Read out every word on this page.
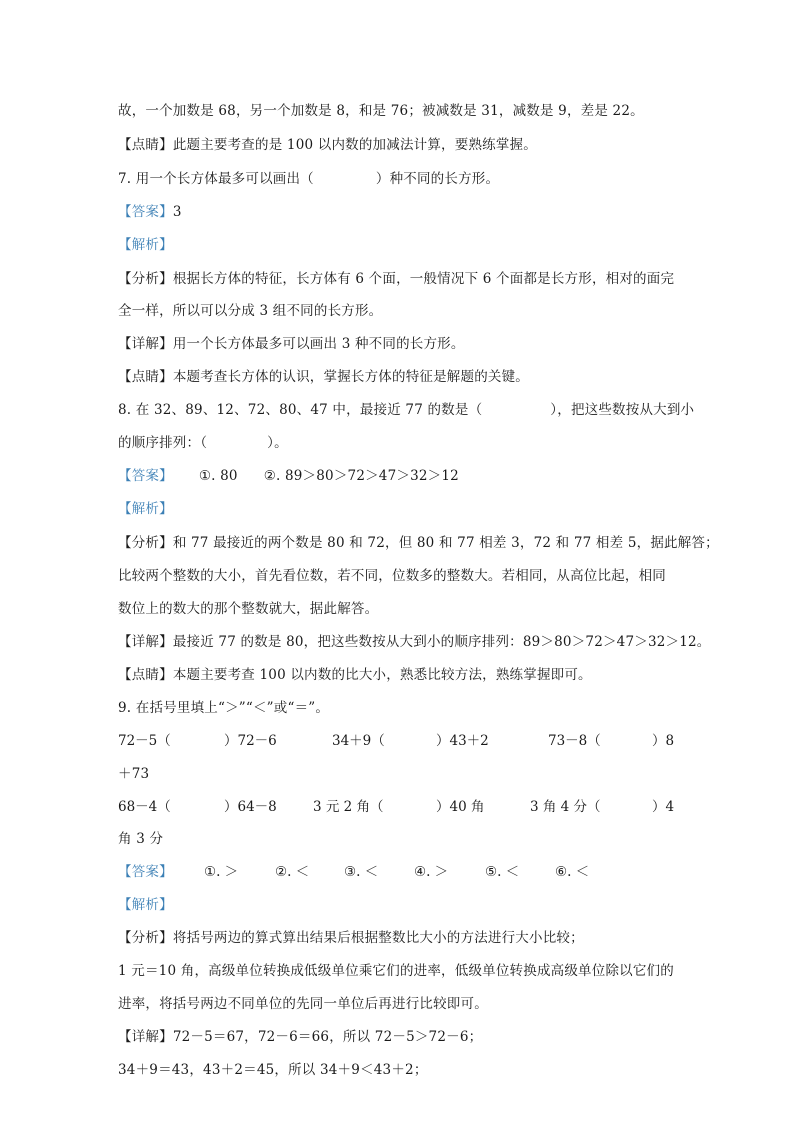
故，一个加数是 68，另一个加数是 8，和是 76；被减数是 31，减数是 9，差是 22。
【点睛】此题主要考查的是 100 以内数的加减法计算，要熟练掌握。
7. 用一个长方体最多可以画出（	）种不同的长方形。
【答案】3
【解析】
【分析】根据长方体的特征，长方体有 6 个面，一般情况下 6 个面都是长方形，相对的面完
全一样，所以可以分成 3 组不同的长方形。
【详解】用一个长方体最多可以画出 3 种不同的长方形。
【点睛】本题考查长方体的认识，掌握长方体的特征是解题的关键。
8. 在 32、89、12、72、80、47 中，最接近 77 的数是（	），把这些数按从大到小
的顺序排列：（	）。
【答案】 ①. 80 ②. 89＞80＞72＞47＞32＞12
【解析】
【分析】和 77 最接近的两个数是 80 和 72，但 80 和 77 相差 3，72 和 77 相差 5，据此解答；
比较两个整数的大小，首先看位数，若不同，位数多的整数大。若相同，从高位比起，相同
数位上的数大的那个整数就大，据此解答。
【详解】最接近 77 的数是 80，把这些数按从大到小的顺序排列：89＞80＞72＞47＞32＞12。
【点睛】本题主要考查 100 以内数的比大小，熟悉比较方法，熟练掌握即可。
9. 在括号里填上“＞”“＜”或“＝”。
72－5（	）72－6	34＋9（	）43＋2	73－8（	）8
＋73
68－4（	）64－8	3 元 2 角（	）40 角	3 角 4 分（	）4
角 3 分
【答案】 ①. ＞	②. ＜	③. ＜	④. ＞	⑤. ＜	⑥. ＜
【解析】
【分析】将括号两边的算式算出结果后根据整数比大小的方法进行大小比较；
1 元＝10 角，高级单位转换成低级单位乘它们的进率，低级单位转换成高级单位除以它们的
进率，将括号两边不同单位的先同一单位后再进行比较即可。
【详解】72－5＝67，72－6＝66，所以 72－5＞72－6；
34＋9＝43，43＋2＝45，所以 34＋9＜43＋2；
